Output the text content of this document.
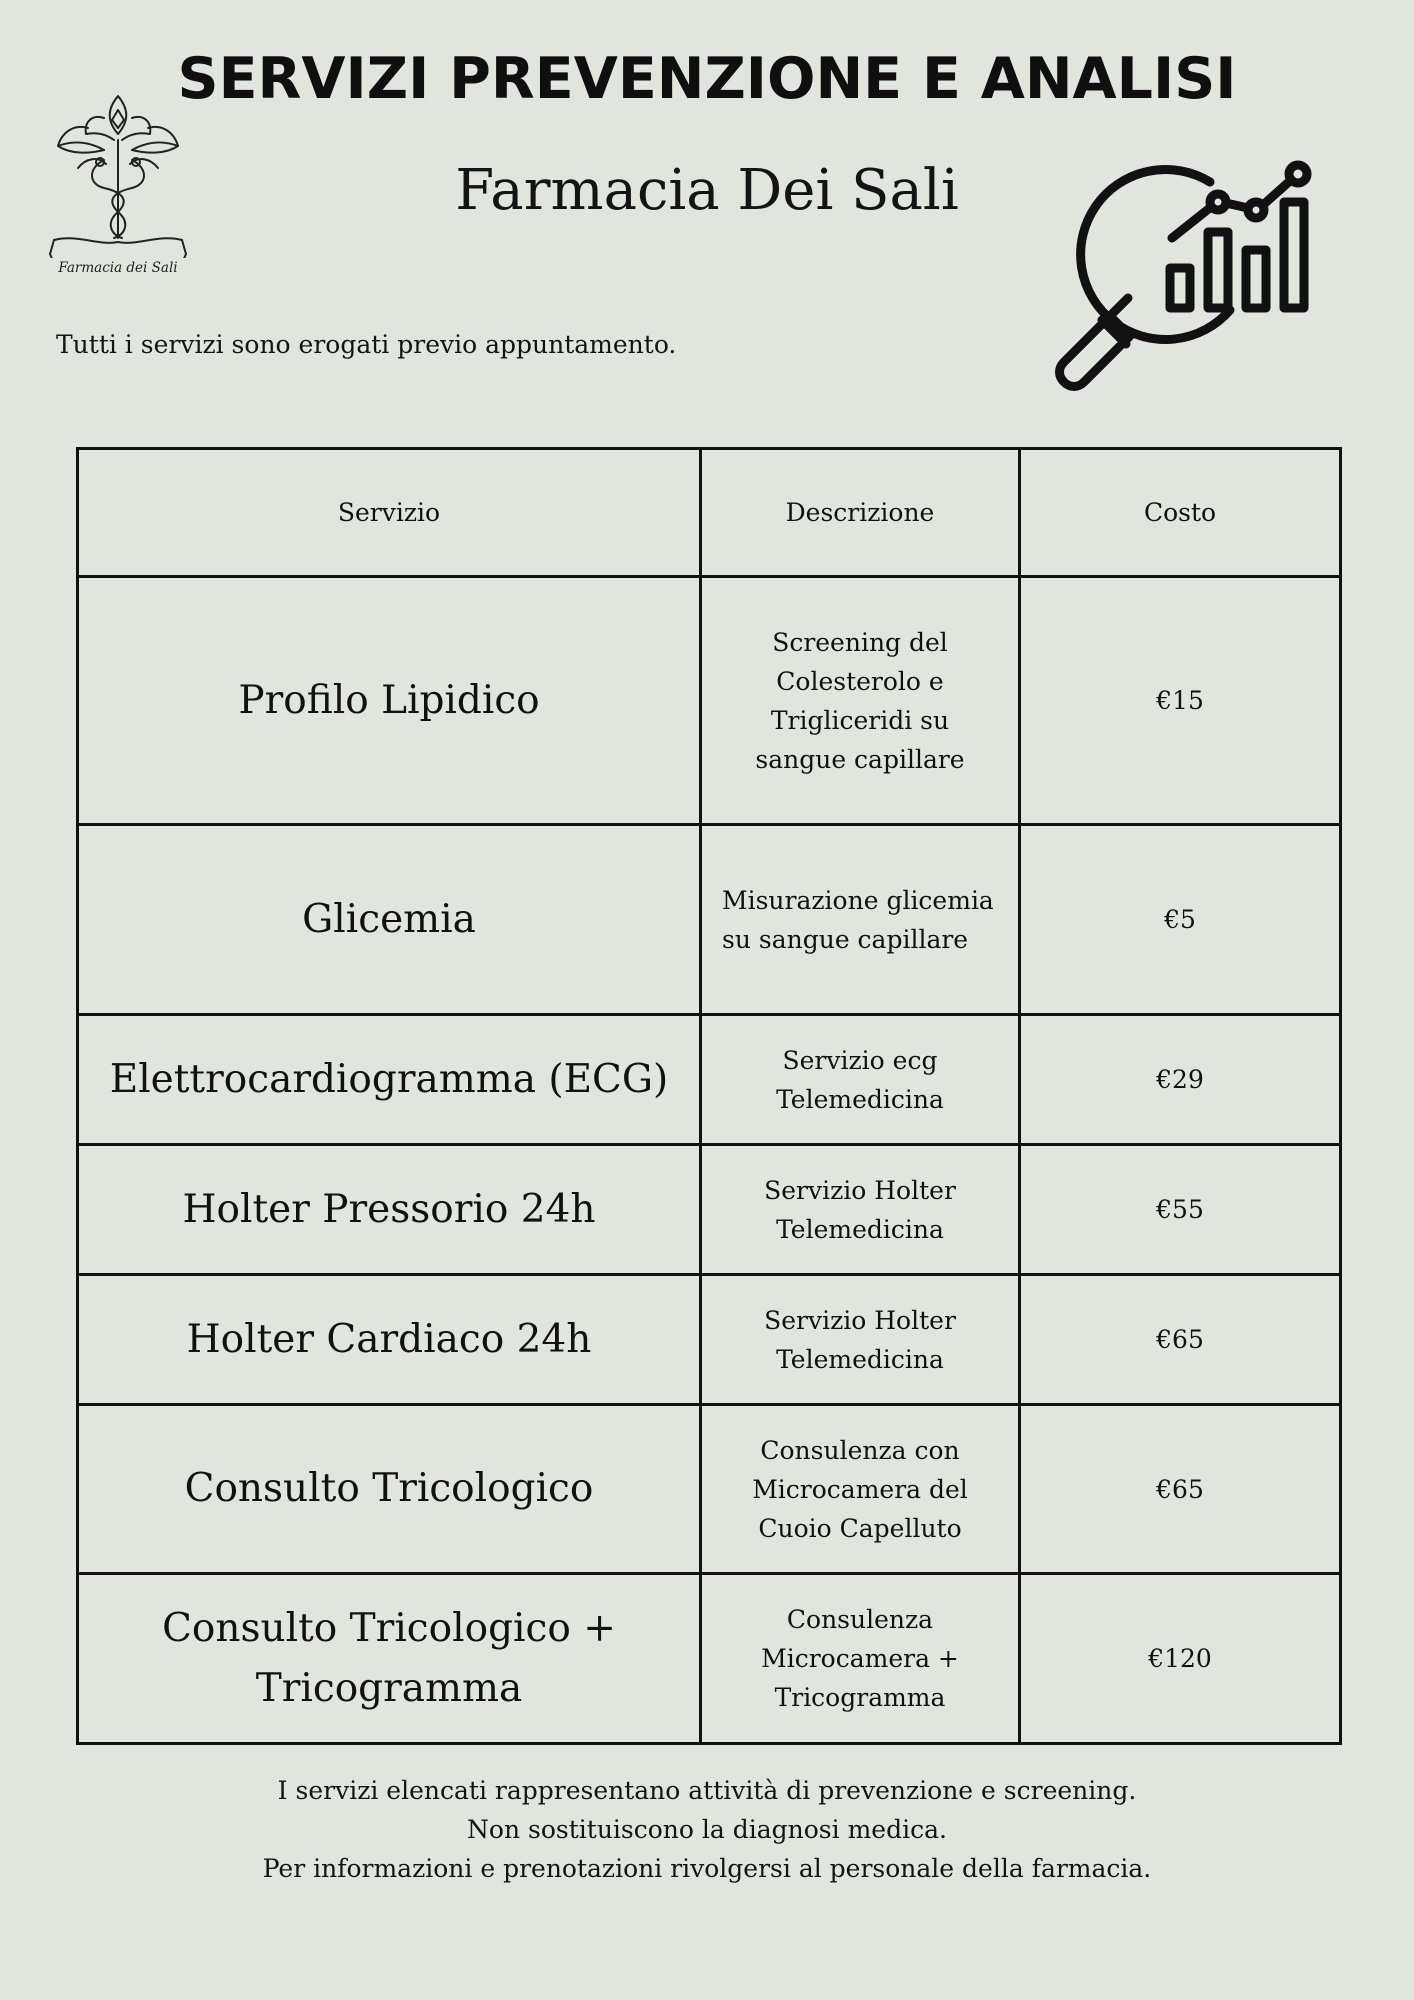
SERVIZI PREVENZIONE E ANALISI
Farmacia Dei Sali
Tutti i servizi sono erogati previo appuntamento.
Farmacia dei Sali
Servizio	Descrizione	Costo
Profilo Lipidico	Screening del Colesterolo e Trigliceridi su sangue capillare	€15
Glicemia	Misurazione glicemia su sangue capillare	€5
Elettrocardiogramma (ECG)	Servizio ecg Telemedicina	€29
Holter Pressorio 24h	Servizio Holter Telemedicina	€55
Holter Cardiaco 24h	Servizio Holter Telemedicina	€65
Consulto Tricologico	Consulenza con Microcamera del Cuoio Capelluto	€65
Consulto Tricologico + Tricogramma	Consulenza Microcamera + Tricogramma	€120
I servizi elencati rappresentano attività di prevenzione e screening.
Non sostituiscono la diagnosi medica.
Per informazioni e prenotazioni rivolgersi al personale della farmacia.
